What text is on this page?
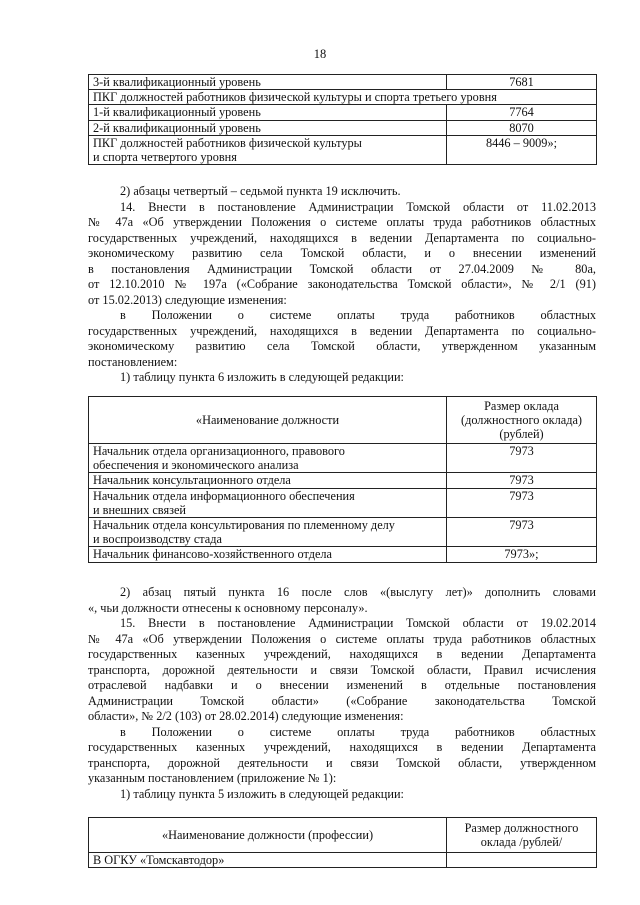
18
3-й квалификационный уровень	7681
ПКГ должностей работников физической культуры и спорта третьего уровня	
1-й квалификационный уровень	7764
2-й квалификационный уровень	8070

ПКГ должностей работников физической культуры
и спорта четвертого уровня	8446 – 9009»;

2) абзацы четвертый – седьмой пункта 19 исключить.

14. Внести в постановление Администрации Томской области от 11.02.2013

№ 47а «Об утверждении Положения о системе оплаты труда работников областных

государственных учреждений, находящихся в ведении Департамента по социально-

экономическому развитию села Томской области, и о внесении изменений

в постановления Администрации Томской области от 27.04.2009 № 80а,

от 12.10.2010 № 197а («Собрание законодательства Томской области», № 2/1 (91)

от 15.02.2013) следующие изменения:

в Положении о системе оплаты труда работников областных

государственных учреждений, находящихся в ведении Департамента по социально-

экономическому развитию села Томской области, утвержденном указанным

постановлением:

1) таблицу пункта 6 изложить в следующей редакции:

«Наименование должности	Размер оклада
(должностного оклада)
(рублей)

Начальник отдела организационного, правового
обеспечения и экономического анализа	7973
Начальник консультационного отдела	7973

Начальник отдела информационного обеспечения
и внешних связей	7973

Начальник отдела консультирования по племенному делу
и воспроизводству стада	7973
Начальник финансово-хозяйственного отдела	7973»;

2) абзац пятый пункта 16 после слов «(выслугу лет)» дополнить словами

«, чьи должности отнесены к основному персоналу».

15. Внести в постановление Администрации Томской области от 19.02.2014

№ 47а «Об утверждении Положения о системе оплаты труда работников областных

государственных казенных учреждений, находящихся в ведении Департамента

транспорта, дорожной деятельности и связи Томской области, Правил исчисления

отраслевой надбавки и о внесении изменений в отдельные постановления

Администрации Томской области» («Собрание законодательства Томской

области», № 2/2 (103) от 28.02.2014) следующие изменения:

в Положении о системе оплаты труда работников областных

государственных казенных учреждений, находящихся в ведении Департамента

транспорта, дорожной деятельности и связи Томской области, утвержденном

указанным постановлением (приложение № 1):

1) таблицу пункта 5 изложить в следующей редакции:

«Наименование должности (профессии)	Размер должностного
оклада /рублей/

В ОГКУ «Томскавтодор»	
